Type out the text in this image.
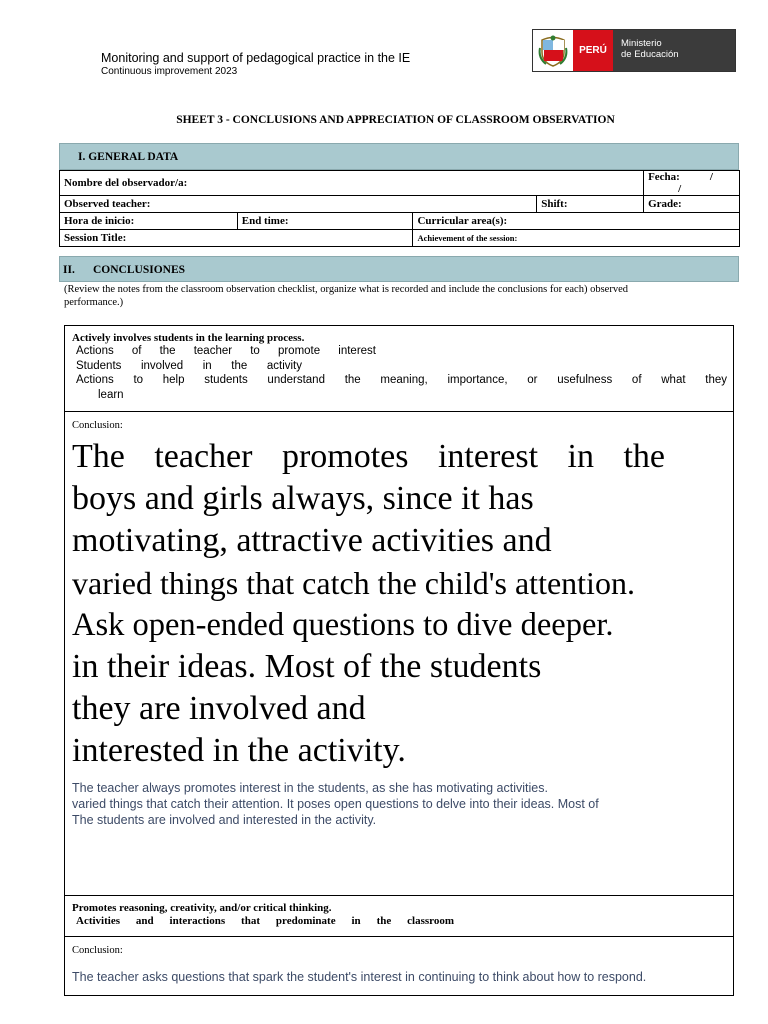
Monitoring and support of pedagogical practice in the IE
Continuous improvement 2023
PERÚ
Ministerio
de Educación
SHEET 3 - CONCLUSIONS AND APPRECIATION OF CLASSROOM OBSERVATION
I. GENERAL DATA
Nombre del observador/a:				Fecha: //
Observed teacher:			Shift:	Grade:
Hora de inicio:	End time:	Curricular area(s):		
Session Title:		Achievement of the session:		
II. CONCLUSIONES
(Review the notes from the classroom observation checklist, organize what is recorded and include the conclusions for each) observed performance.)
Actively involves students in the learning process.
Actions of the teacher to promote interest
Students involved in the activity
Actions to help students understand the meaning, importance, or usefulness of what they
learn
Conclusion:
The teacher promotes interest in the
boys and girls always, since it has
motivating, attractive activities and
varied things that catch the child's attention.
Ask open-ended questions to dive deeper.
in their ideas. Most of the students
they are involved and
interested in the activity.
The teacher always promotes interest in the students, as she has motivating activities.
varied things that catch their attention. It poses open questions to delve into their ideas. Most of
The students are involved and interested in the activity.
Promotes reasoning, creativity, and/or critical thinking.
Activities and interactions that predominate in the classroom
Conclusion:
The teacher asks questions that spark the student's interest in continuing to think about how to respond.
